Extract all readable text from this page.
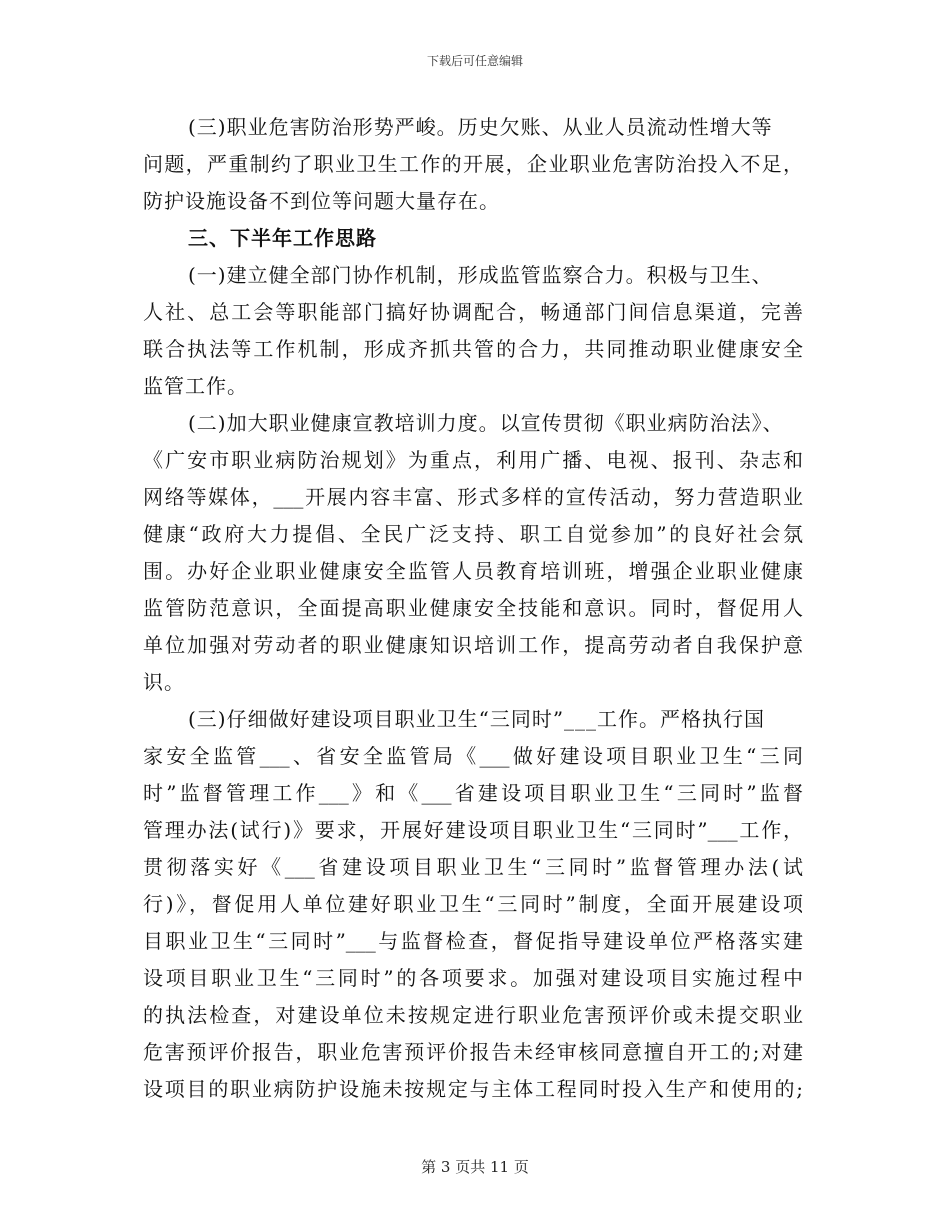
下载后可任意编辑
(三)职业危害防治形势严峻。历史欠账、从业人员流动性增大等
问题，严重制约了职业卫生工作的开展，企业职业危害防治投入不足，
防护设施设备不到位等问题大量存在。
三、下半年工作思路
(一)建立健全部门协作机制，形成监管监察合力。积极与卫生、
人社、总工会等职能部门搞好协调配合，畅通部门间信息渠道，完善
联合执法等工作机制，形成齐抓共管的合力，共同推动职业健康安全
监管工作。
(二)加大职业健康宣教培训力度。以宣传贯彻《职业病防治法》、
《广安市职业病防治规划》为重点，利用广播、电视、报刊、杂志和
网络等媒体，___开展内容丰富、形式多样的宣传活动，努力营造职业
健康“政府大力提倡、全民广泛支持、职工自觉参加”的良好社会氛
围。办好企业职业健康安全监管人员教育培训班，增强企业职业健康
监管防范意识，全面提高职业健康安全技能和意识。同时，督促用人
单位加强对劳动者的职业健康知识培训工作，提高劳动者自我保护意
识。
(三)仔细做好建设项目职业卫生“三同时”___工作。严格执行国
家安全监管___、省安全监管局《___做好建设项目职业卫生“三同
时”监督管理工作___》和《___省建设项目职业卫生“三同时”监督
管理办法(试行)》要求，开展好建设项目职业卫生“三同时”___工作，
贯彻落实好《___省建设项目职业卫生“三同时”监督管理办法(试
行)》，督促用人单位建好职业卫生“三同时”制度，全面开展建设项
目职业卫生“三同时”___与监督检查，督促指导建设单位严格落实建
设项目职业卫生“三同时”的各项要求。加强对建设项目实施过程中
的执法检查，对建设单位未按规定进行职业危害预评价或未提交职业
危害预评价报告，职业危害预评价报告未经审核同意擅自开工的;对建
设项目的职业病防护设施未按规定与主体工程同时投入生产和使用的;
第 3 页共 11 页
